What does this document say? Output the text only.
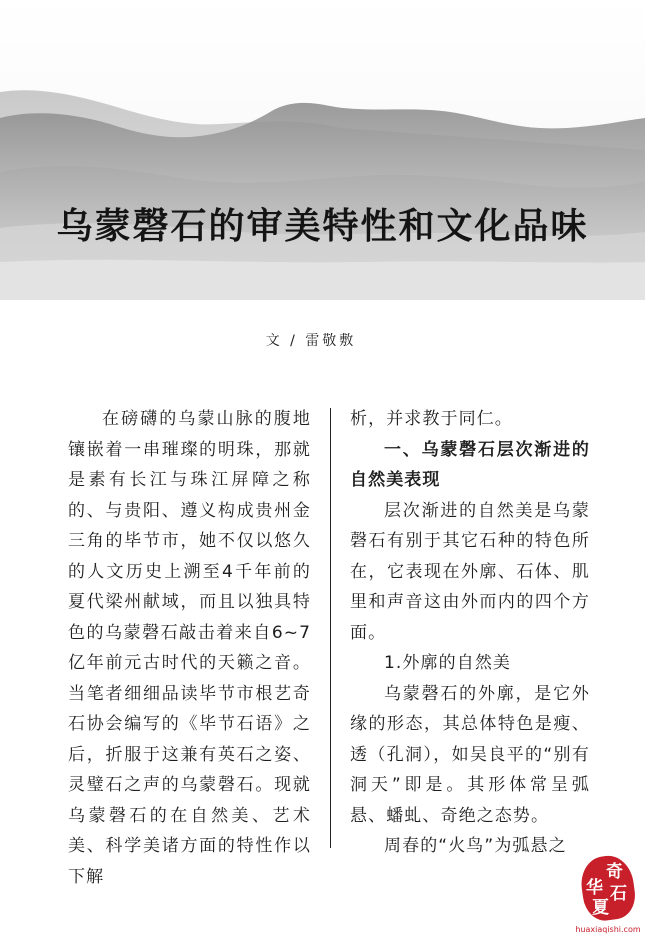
乌蒙磬石的审美特性和文化品味
文 / 雷敬敷

在磅礴的乌蒙山脉的腹地镶嵌着一串璀璨的明珠，那就是素有长江与珠江屏障之称的、与贵阳、遵义构成贵州金三角的毕节市，她不仅以悠久的人文历史上溯至4千年前的夏代梁州献域，而且以独具特色的乌蒙磬石敲击着来自6~7亿年前元古时代的天籁之音。当笔者细细品读毕节市根艺奇石协会编写的《毕节石语》之后，折服于这兼有英石之姿、灵璧石之声的乌蒙磬石。现就乌蒙磬石的在自然美、艺术美、科学美诸方面的特性作以下解

析，并求教于同仁。

一、乌蒙磬石层次渐进的自然美表现

层次渐进的自然美是乌蒙磬石有别于其它石种的特色所在，它表现在外廓、石体、肌里和声音这由外而内的四个方面。

1.外廓的自然美

乌蒙磬石的外廓，是它外缘的形态，其总体特色是瘦、透（孔洞），如吴良平的“别有洞天”即是。其形体常呈弧悬、蟠虬、奇绝之态势。

周春的“火鸟”为弧悬之

奇
华 石
夏
huaxiaqishi.com
